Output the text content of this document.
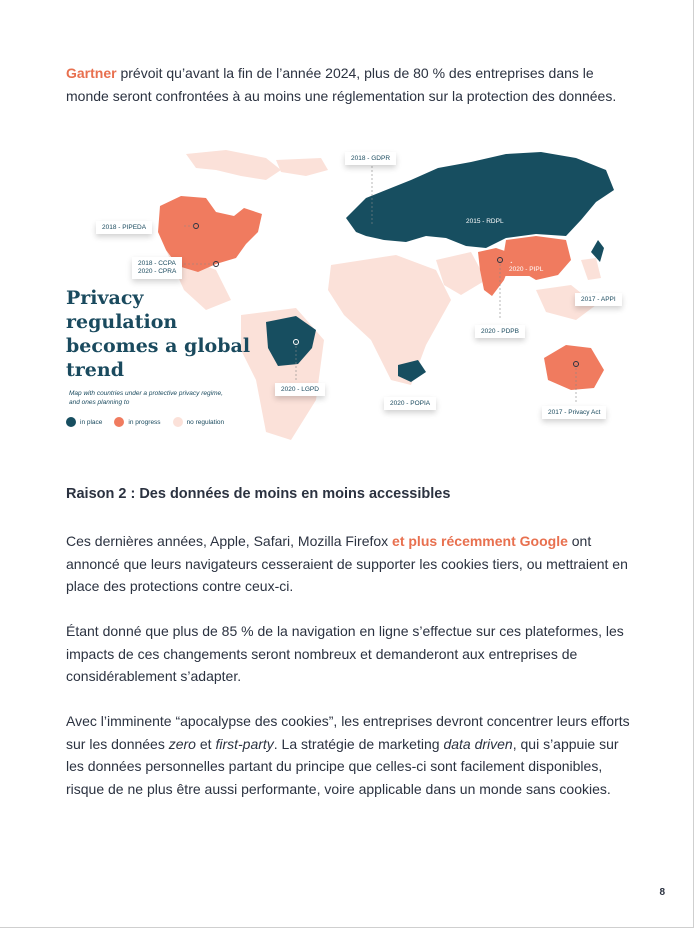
Gartner prévoit qu’avant la fin de l’année 2024, plus de 80 % des entreprises dans le monde seront confrontées à au moins une réglementation sur la protection des données.

2018 - GDPR
2018 - PIPEDA
2018 - CCPA
2020 - CPRA
2015 - RDPL
2020 - PIPL
2017 - APPI
2020 - PDPB
2020 - LGPD
2020 - POPIA
2017 - Privacy Act
Privacy regulation becomes a global trend
Map with countries under a protective privacy regime, and ones planning to
in place	in progress	no regulation
Raison 2 : Des données de moins en moins accessibles

Ces dernières années, Apple, Safari, Mozilla Firefox et plus récemment Google ont annoncé que leurs navigateurs cesseraient de supporter les cookies tiers, ou mettraient en place des protections contre ceux-ci.

Étant donné que plus de 85 % de la navigation en ligne s’effectue sur ces plateformes, les impacts de ces changements seront nombreux et demanderont aux entreprises de considérablement s’adapter.

Avec l’imminente “apocalypse des cookies”, les entreprises devront concentrer leurs efforts sur les données zero et first-party. La stratégie de marketing data driven, qui s’appuie sur les données personnelles partant du principe que celles-ci sont facilement disponibles, risque de ne plus être aussi performante, voire applicable dans un monde sans cookies.

8
